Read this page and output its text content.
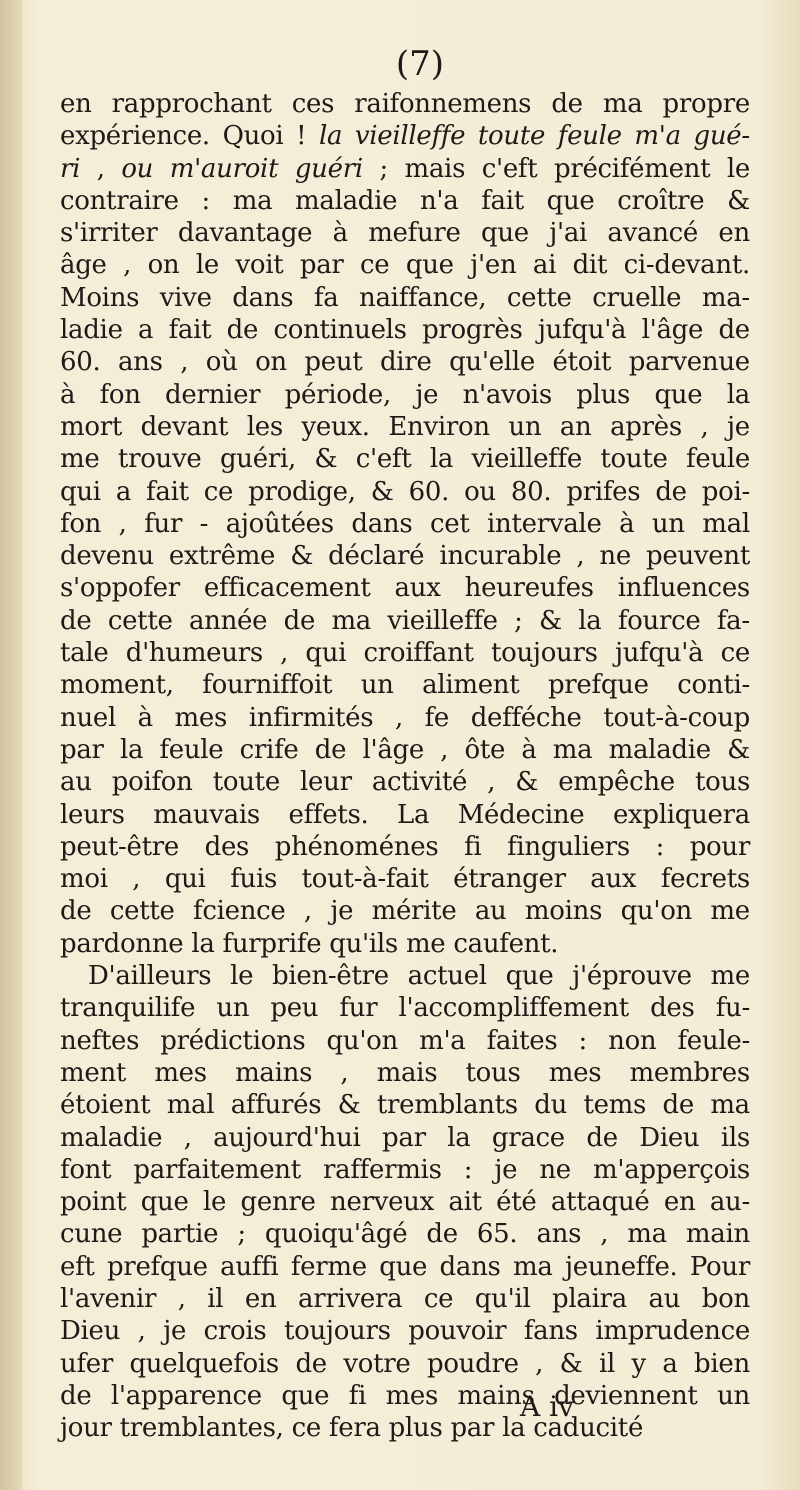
(7)
en rapprochant ces raifonnemens de ma propre
expérience. Quoi ! la vieilleffe toute feule m'a gué-
ri , ou m'auroit guéri ; mais c'eft précifément le
contraire : ma maladie n'a fait que croître &
s'irriter davantage à mefure que j'ai avancé en
âge , on le voit par ce que j'en ai dit ci-devant.
Moins vive dans fa naiffance, cette cruelle ma-
ladie a fait de continuels progrès jufqu'à l'âge de
60. ans , où on peut dire qu'elle étoit parvenue
à fon dernier période, je n'avois plus que la
mort devant les yeux. Environ un an après , je
me trouve guéri, & c'eft la vieilleffe toute feule
qui a fait ce prodige, & 60. ou 80. prifes de poi-
fon , fur - ajoûtées dans cet intervale à un mal
devenu extrême & déclaré incurable , ne peuvent
s'oppofer efficacement aux heureufes influences
de cette année de ma vieilleffe ; & la fource fa-
tale d'humeurs , qui croiffant toujours jufqu'à ce
moment, fourniffoit un aliment prefque conti-
nuel à mes infirmités , fe defféche tout-à-coup
par la feule crife de l'âge , ôte à ma maladie &
au poifon toute leur activité , & empêche tous
leurs mauvais effets. La Médecine expliquera
peut-être des phénoménes fi finguliers : pour
moi , qui fuis tout-à-fait étranger aux fecrets
de cette fcience , je mérite au moins qu'on me
pardonne la furprife qu'ils me caufent.
D'ailleurs le bien-être actuel que j'éprouve me
tranquilife un peu fur l'accompliffement des fu-
neftes prédictions qu'on m'a faites : non feule-
ment mes mains , mais tous mes membres
étoient mal affurés & tremblants du tems de ma
maladie , aujourd'hui par la grace de Dieu ils
font parfaitement raffermis : je ne m'apperçois
point que le genre nerveux ait été attaqué en au-
cune partie ; quoiqu'âgé de 65. ans , ma main
eft prefque auffi ferme que dans ma jeuneffe. Pour
l'avenir , il en arrivera ce qu'il plaira au bon
Dieu , je crois toujours pouvoir fans imprudence
ufer quelquefois de votre poudre , & il y a bien
de l'apparence que fi mes mains deviennent un
jour tremblantes, ce fera plus par la caducité
A iv
